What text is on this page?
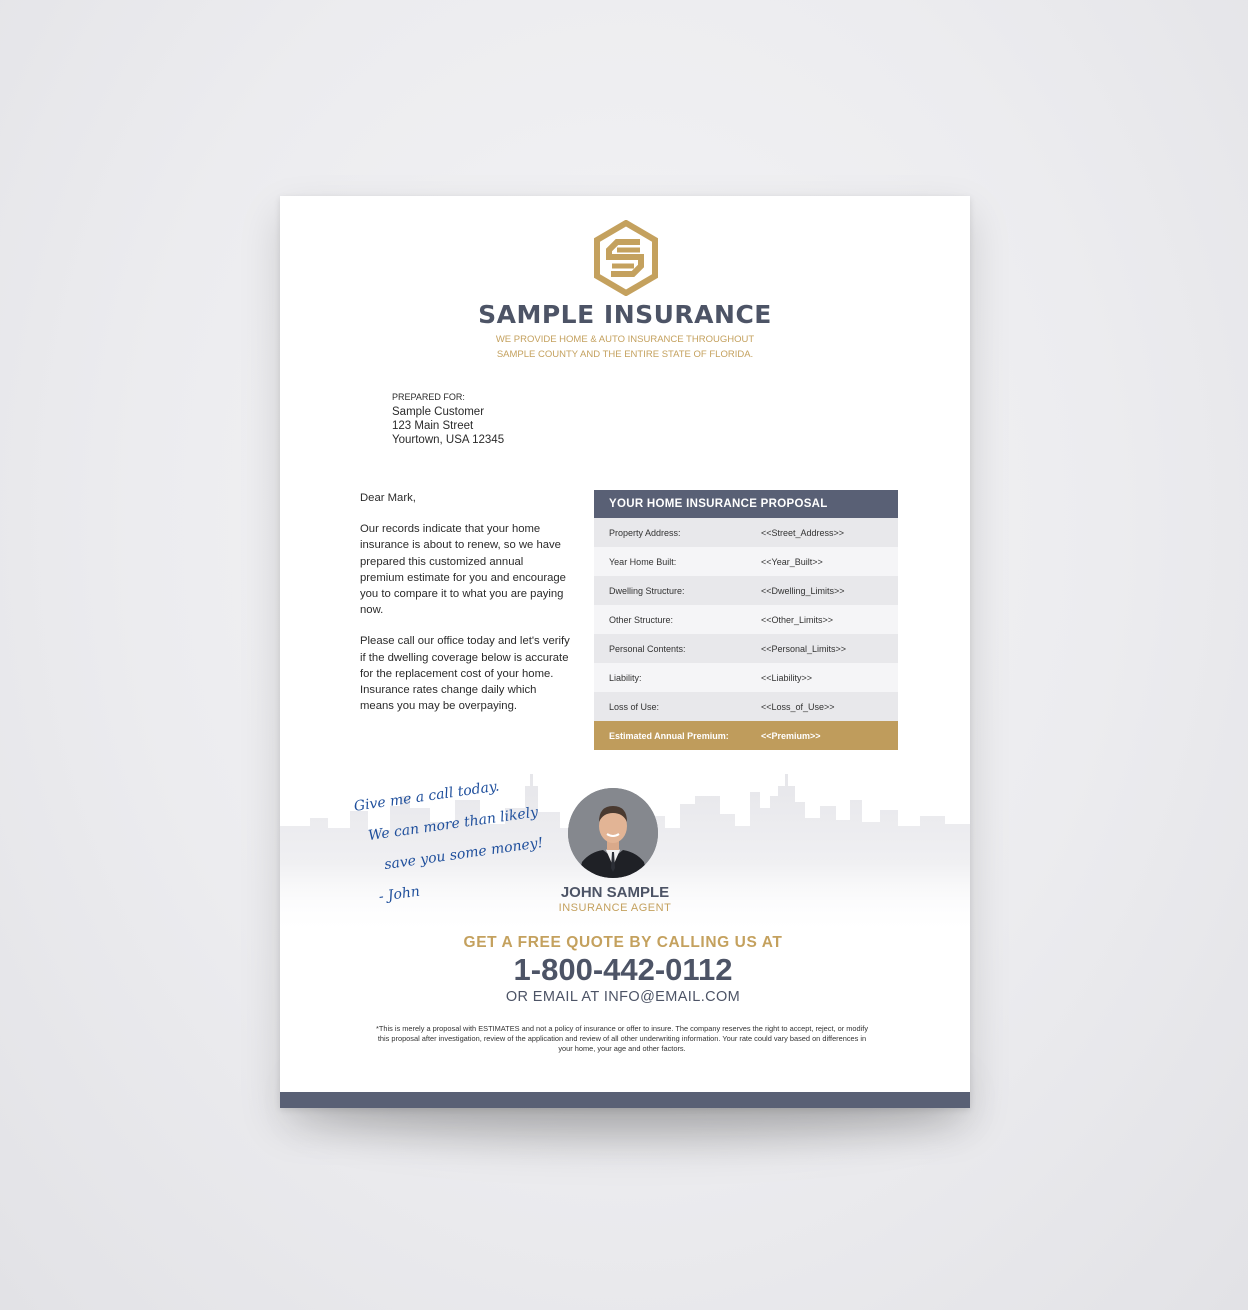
SAMPLE INSURANCE
WE PROVIDE HOME & AUTO INSURANCE THROUGHOUT
SAMPLE COUNTY AND THE ENTIRE STATE OF FLORIDA.
PREPARED FOR:
Sample Customer
123 Main Street
Yourtown, USA 12345

Dear Mark,

Our records indicate that your home insurance is about to renew, so we have prepared this customized annual premium estimate for you and encourage you to compare it to what you are paying now.

Please call our office today and let's verify if the dwelling coverage below is accurate for the replacement cost of your home. Insurance rates change daily which means you may be overpaying.

YOUR HOME INSURANCE PROPOSAL
Property Address:	<<Street_Address>>
Year Home Built:	<<Year_Built>>
Dwelling Structure:	<<Dwelling_Limits>>
Other Structure:	<<Other_Limits>>
Personal Contents:	<<Personal_Limits>>
Liability:	<<Liability>>
Loss of Use:	<<Loss_of_Use>>
Estimated Annual Premium:	<<Premium>>
Give me a call today.
We can more than likely
save you some money!
- John	JOHN SAMPLE
INSURANCE AGENT
GET A FREE QUOTE BY CALLING US AT
1-800-442-0112
OR EMAIL AT INFO@EMAIL.COM
*This is merely a proposal with ESTIMATES and not a policy of insurance or offer to insure. The company reserves the right to accept, reject, or modify this proposal after investigation, review of the application and review of all other underwriting information. Your rate could vary based on differences in your home, your age and other factors.
